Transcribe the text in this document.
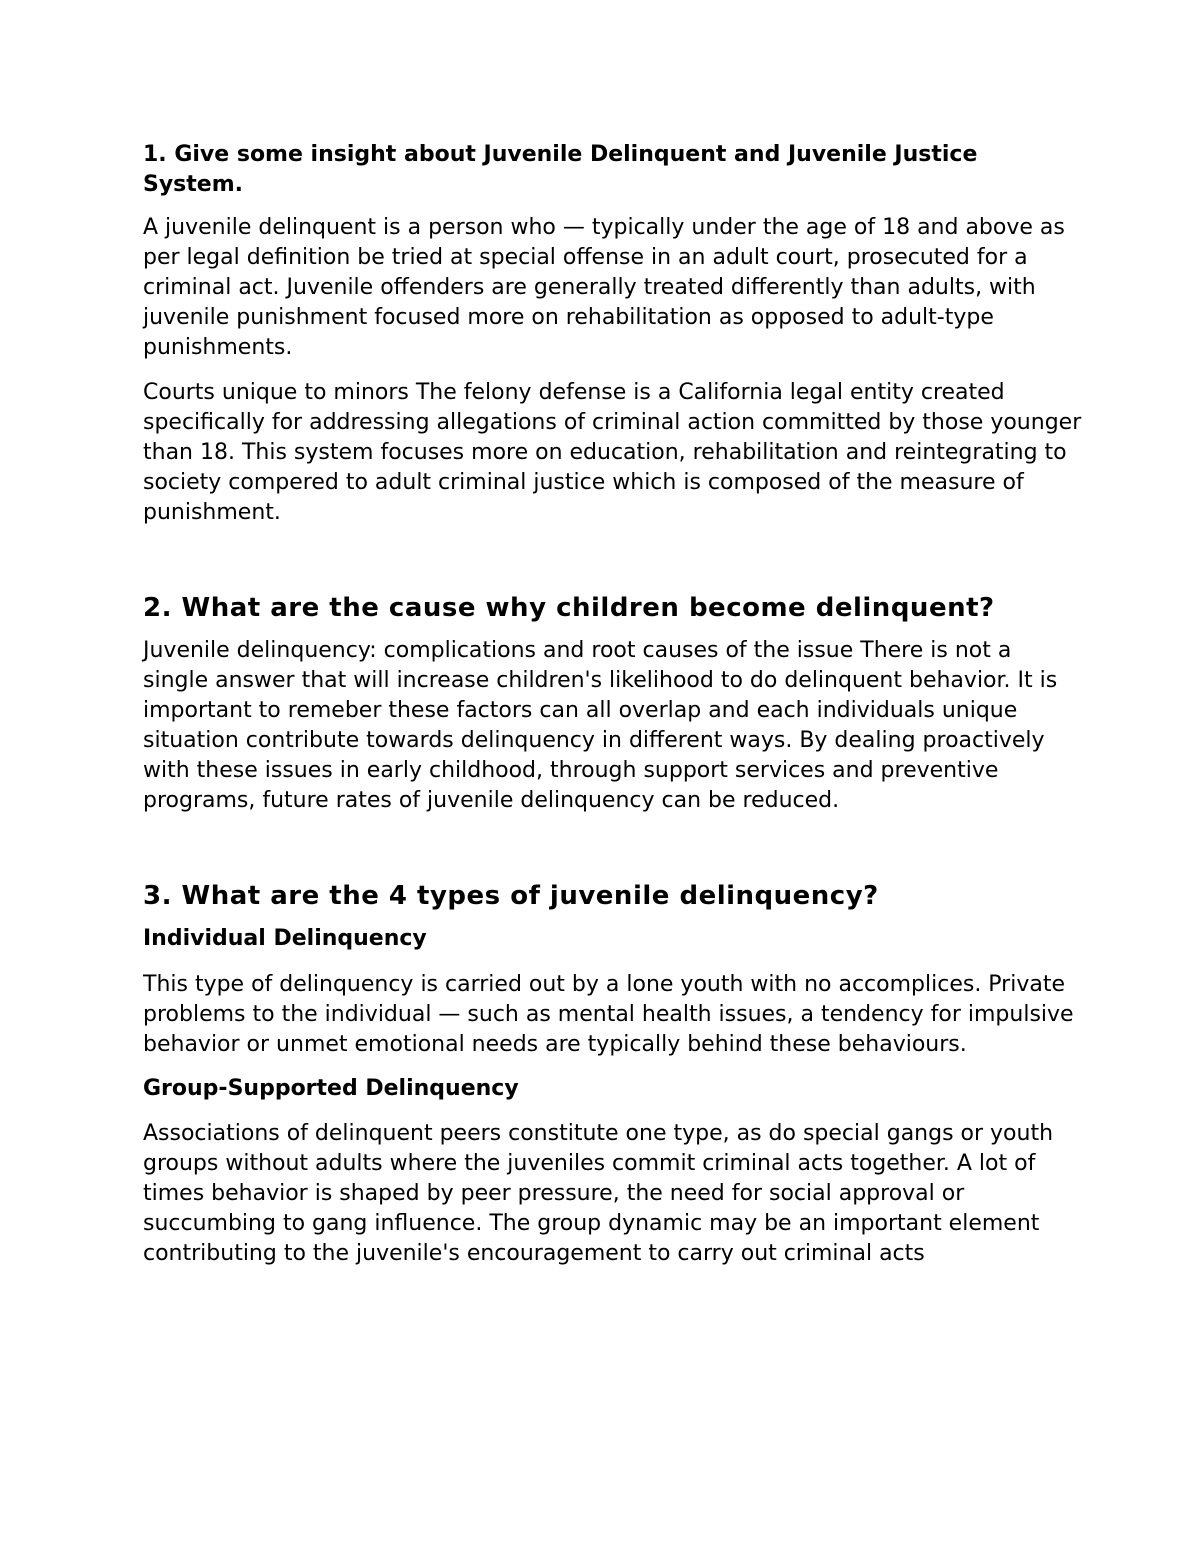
1. Give some insight about Juvenile Delinquent and Juvenile Justice System.

A juvenile delinquent is a person who — typically under the age of 18 and above as per legal definition be tried at special offense in an adult court, prosecuted for a criminal act. Juvenile offenders are generally treated differently than adults, with juvenile punishment focused more on rehabilitation as opposed to adult-type punishments.

Courts unique to minors The felony defense is a California legal entity created specifically for addressing allegations of criminal action committed by those younger than 18. This system focuses more on education, rehabilitation and reintegrating to society compered to adult criminal justice which is composed of the measure of punishment.

2. What are the cause why children become delinquent?

Juvenile delinquency: complications and root causes of the issue There is not a single answer that will increase children's likelihood to do delinquent behavior. It is important to remeber these factors can all overlap and each individuals unique situation contribute towards delinquency in different ways. By dealing proactively with these issues in early childhood, through support services and preventive programs, future rates of juvenile delinquency can be reduced.

3. What are the 4 types of juvenile delinquency?

Individual Delinquency

This type of delinquency is carried out by a lone youth with no accomplices. Private problems to the individual — such as mental health issues, a tendency for impulsive behavior or unmet emotional needs are typically behind these behaviours.

Group-Supported Delinquency

Associations of delinquent peers constitute one type, as do special gangs or youth groups without adults where the juveniles commit criminal acts together. A lot of times behavior is shaped by peer pressure, the need for social approval or succumbing to gang influence. The group dynamic may be an important element contributing to the juvenile's encouragement to carry out criminal acts
